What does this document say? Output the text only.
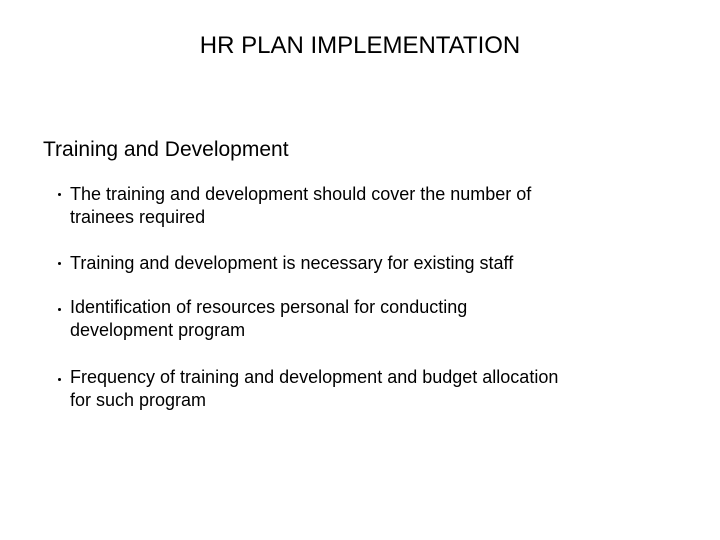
HR PLAN IMPLEMENTATION
Training and Development
The training and development should cover the number of
trainees required
Training and development is necessary for existing staff
Identification of resources personal for conducting
development program
Frequency of training and development and budget allocation
for such program
